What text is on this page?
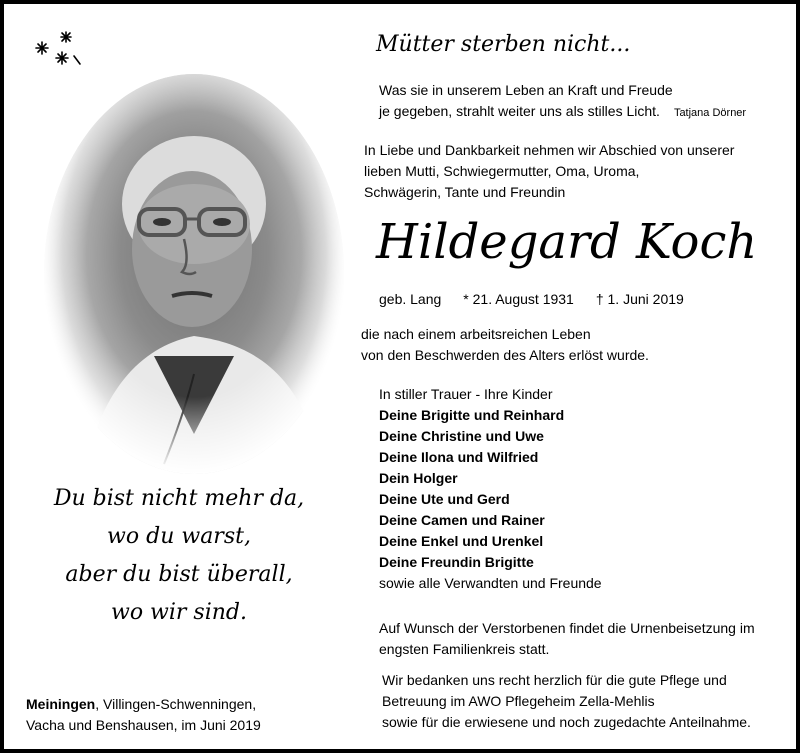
Du bist nicht mehr da,
wo du warst,
aber du bist überall,
wo wir sind.
Meiningen, Villingen-Schwenningen,
Vacha und Benshausen, im Juni 2019
Mütter sterben nicht...
Was sie in unserem Leben an Kraft und Freude
je gegeben, strahlt weiter uns als stilles Licht. Tatjana Dörner
In Liebe und Dankbarkeit nehmen wir Abschied von unserer
lieben Mutti, Schwiegermutter, Oma, Uroma,
Schwägerin, Tante und Freundin
Hildegard Koch
geb. Lang * 21. August 1931 † 1. Juni 2019
die nach einem arbeitsreichen Leben
von den Beschwerden des Alters erlöst wurde.
In stiller Trauer - Ihre Kinder
Deine Brigitte und Reinhard
Deine Christine und Uwe
Deine Ilona und Wilfried
Dein Holger
Deine Ute und Gerd
Deine Camen und Rainer
Deine Enkel und Urenkel
Deine Freundin Brigitte
sowie alle Verwandten und Freunde
Auf Wunsch der Verstorbenen findet die Urnenbeisetzung im
engsten Familienkreis statt.
Wir bedanken uns recht herzlich für die gute Pflege und
Betreuung im AWO Pflegeheim Zella-Mehlis
sowie für die erwiesene und noch zugedachte Anteilnahme.
